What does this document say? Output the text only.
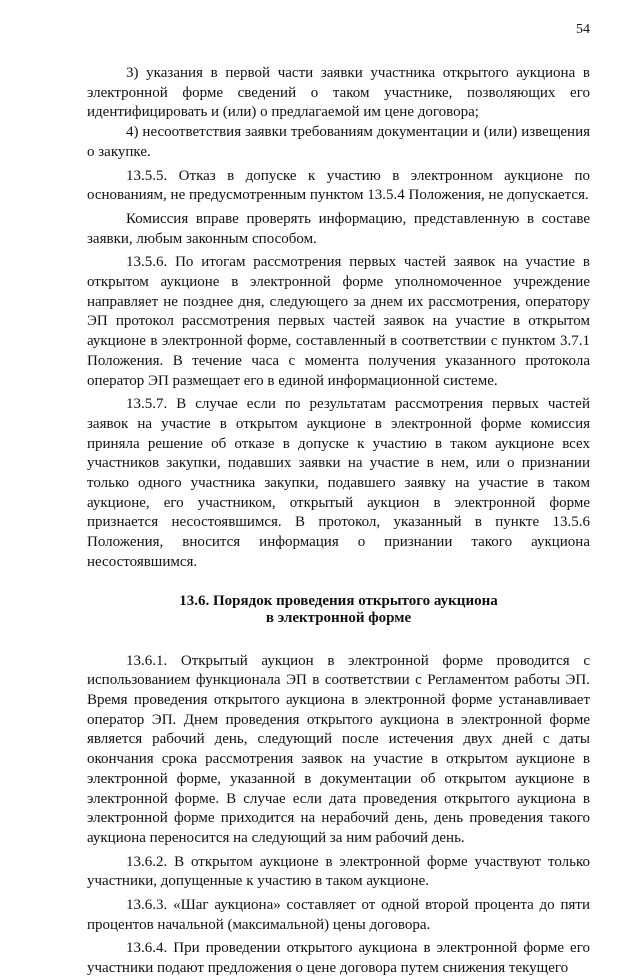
54

3) указания в первой части заявки участника открытого аукциона в электронной форме сведений о таком участнике, позволяющих его идентифицировать и (или) о предлагаемой им цене договора;

4) несоответствия заявки требованиям документации и (или) извещения о закупке.

13.5.5. Отказ в допуске к участию в электронном аукционе по основаниям, не предусмотренным пунктом 13.5.4 Положения, не допускается.

Комиссия вправе проверять информацию, представленную в составе заявки, любым законным способом.

13.5.6. По итогам рассмотрения первых частей заявок на участие в открытом аукционе в электронной форме уполномоченное учреждение направляет не позднее дня, следующего за днем их рассмотрения, оператору ЭП протокол рассмотрения первых частей заявок на участие в открытом аукционе в электронной форме, составленный в соответствии с пунктом 3.7.1 Положения. В течение часа с момента получения указанного протокола оператор ЭП размещает его в единой информационной системе.

13.5.7. В случае если по результатам рассмотрения первых частей заявок на участие в открытом аукционе в электронной форме комиссия приняла решение об отказе в допуске к участию в таком аукционе всех участников закупки, подавших заявки на участие в нем, или о признании только одного участника закупки, подавшего заявку на участие в таком аукционе, его участником, открытый аукцион в электронной форме признается несостоявшимся. В протокол, указанный в пункте 13.5.6 Положения, вносится информация о признании такого аукциона несостоявшимся.

13.6. Порядок проведения открытого аукциона
в электронной форме

13.6.1. Открытый аукцион в электронной форме проводится с использованием функционала ЭП в соответствии с Регламентом работы ЭП. Время проведения открытого аукциона в электронной форме устанавливает оператор ЭП. Днем проведения открытого аукциона в электронной форме является рабочий день, следующий после истечения двух дней с даты окончания срока рассмотрения заявок на участие в открытом аукционе в электронной форме, указанной в документации об открытом аукционе в электронной форме. В случае если дата проведения открытого аукциона в электронной форме приходится на нерабочий день, день проведения такого аукциона переносится на следующий за ним рабочий день.

13.6.2. В открытом аукционе в электронной форме участвуют только участники, допущенные к участию в таком аукционе.

13.6.3. «Шаг аукциона» составляет от одной второй процента до пяти процентов начальной (максимальной) цены договора.

13.6.4. При проведении открытого аукциона в электронной форме его участники подают предложения о цене договора путем снижения текущего
